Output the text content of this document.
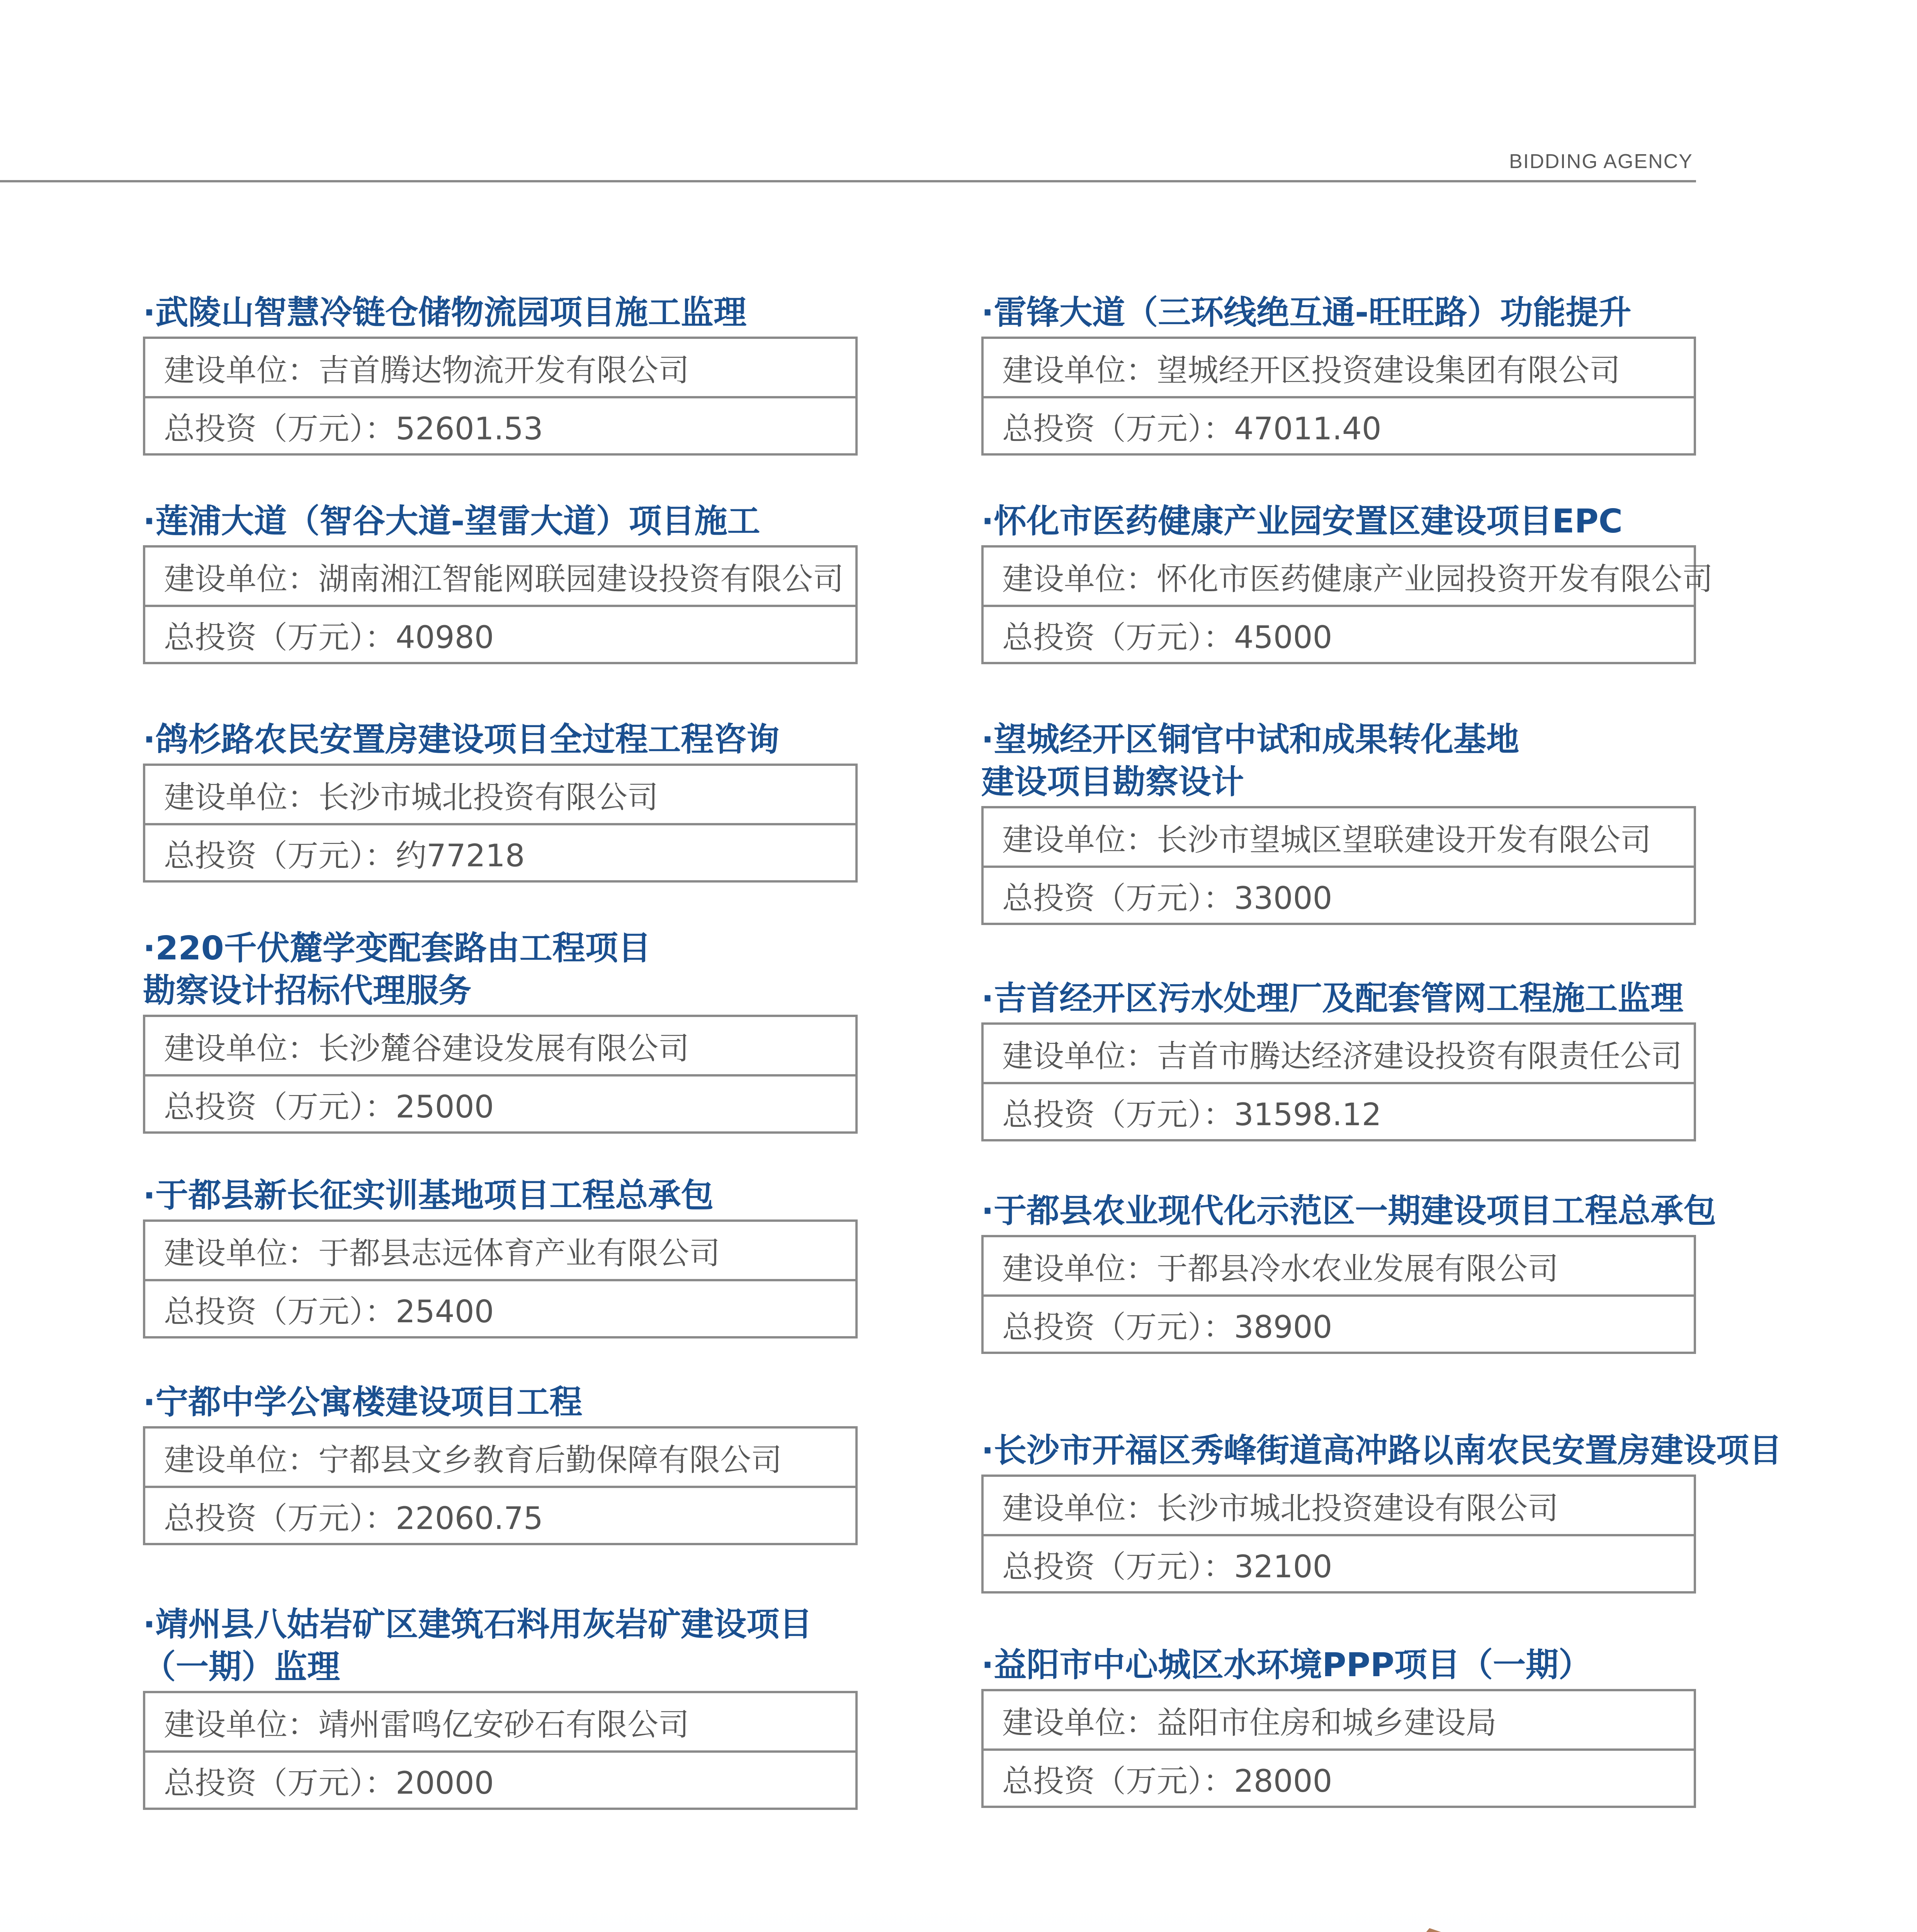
BIDDING AGENCY
·武陵山智慧冷链仓储物流园项目施工监理
建设单位：吉首腾达物流开发有限公司
总投资（万元）：52601.53
·莲浦大道（智谷大道-望雷大道）项目施工
建设单位：湖南湘江智能网联园建设投资有限公司
总投资（万元）：40980
·鸽杉路农民安置房建设项目全过程工程咨询
建设单位：长沙市城北投资有限公司
总投资（万元）：约77218
·220千伏麓学变配套路由工程项目
勘察设计招标代理服务
建设单位：长沙麓谷建设发展有限公司
总投资（万元）：25000
·于都县新长征实训基地项目工程总承包
建设单位：于都县志远体育产业有限公司
总投资（万元）：25400
·宁都中学公寓楼建设项目工程
建设单位：宁都县文乡教育后勤保障有限公司
总投资（万元）：22060.75
·靖州县八姑岩矿区建筑石料用灰岩矿建设项目
（一期）监理
建设单位：靖州雷鸣亿安砂石有限公司
总投资（万元）：20000
·雷锋大道（三环线绝互通-旺旺路）功能提升
建设单位：望城经开区投资建设集团有限公司
总投资（万元）：47011.40
·怀化市医药健康产业园安置区建设项目EPC
建设单位：怀化市医药健康产业园投资开发有限公司
总投资（万元）：45000
·望城经开区铜官中试和成果转化基地
建设项目勘察设计
建设单位：长沙市望城区望联建设开发有限公司
总投资（万元）：33000
·吉首经开区污水处理厂及配套管网工程施工监理
建设单位：吉首市腾达经济建设投资有限责任公司
总投资（万元）：31598.12
·于都县农业现代化示范区一期建设项目工程总承包
建设单位：于都县冷水农业发展有限公司
总投资（万元）：38900
·长沙市开福区秀峰街道高冲路以南农民安置房建设项目
建设单位：长沙市城北投资建设有限公司
总投资（万元）：32100
·益阳市中心城区水环境PPP项目（一期）
建设单位：益阳市住房和城乡建设局
总投资（万元）：28000
